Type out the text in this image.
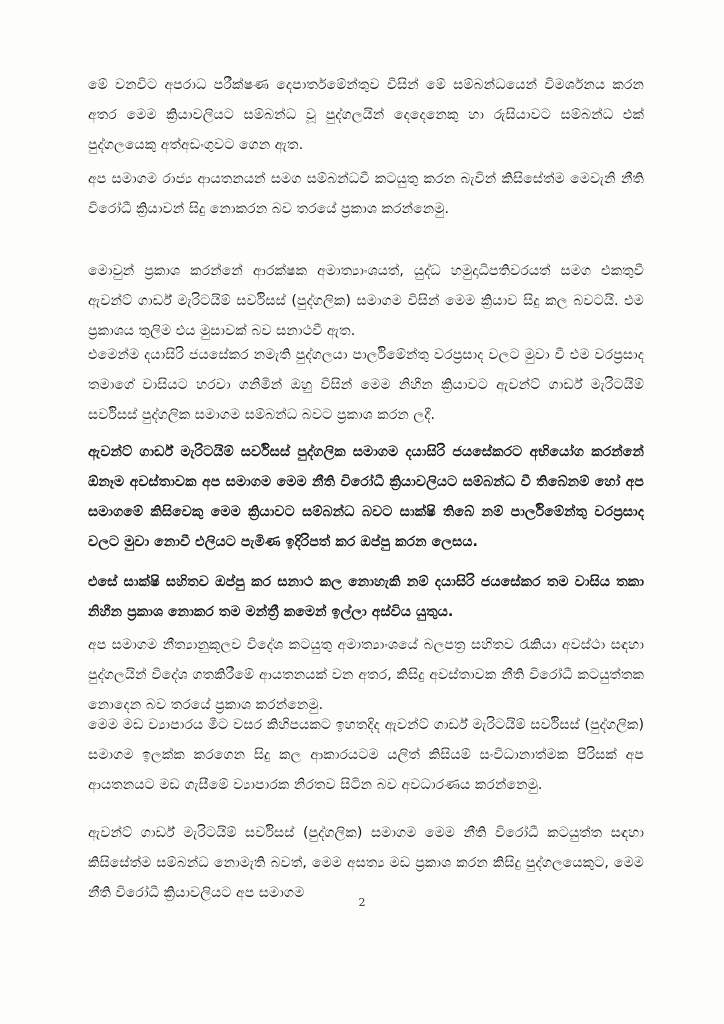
මේ වනවිට අපරාධ පරීක්ෂණ දෙපාර්තමේන්තුව විසින් මේ සම්බන්ධයෙන් විමර්ශනය කරන අතර මෙම ක්‍රියාවලියට සම්බන්ධ වූ පුද්ගලයින් දෙදෙනෙකු හා රුසියාවට සම්බන්ධ එක් පුද්ගලයෙකු අත්අඩංගුවට ගෙන ඇත.

අප සමාගම රාජ්‍ය ආයතනයන් සමග සම්බන්ධවී කටයුතු කරන බැවින් කිසිසේත්ම මෙවැනි නීති විරෝධී ක්‍රියාවන් සිදු නොකරන බව තරයේ ප්‍රකාශ කරන්නෙමු.

මොවුන් ප්‍රකාශ කරන්නේ ආරක්ෂක අමාත්‍යාංශයත්, යුද්ධ හමුදාධිපතිවරයත් සමග එකතුවී ඇවන්ට් ගාර්ඩ් මැරිටයිම් සර්විසස් (පුද්ගලික) සමාගම විසින් මෙම ක්‍රියාව සිදු කල බවටයි. එම ප්‍රකාශය තුලිම එය මුසාවක් බව සනාථවී ඇත.

එමෙන්ම දයාසිරි ජයසේකර නමැති පුද්ගලයා පාර්ලිමේන්තු වරප්‍රසාද වලට මුවා වී එම වරප්‍රසාද තමාගේ වාසියට හරවා ගනිමින් ඔහු විසින් මෙම නිහීන ක්‍රියාවට ඇවන්ට් ගාර්ඩ් මැරිටයිම් සර්විසස් පුද්ගලික සමාගම සම්බන්ධ බවට ප්‍රකාශ කරන ලදී.

ඇවන්ට් ගාර්ඩ් මැරිටයිම් සර්විසස් පුද්ගලික සමාගම දයාසිරි ජයසේකරට අභියෝග කරන්නේ ඕනෑම අවස්තාවක අප සමාගම මෙම නීති විරෝධී ක්‍රියාවලියට සම්බන්ධ වී තිබේනම් හෝ අප සමාගමේ කිසිවෙකු මෙම ක්‍රියාවට සම්බන්ධ බවට සාක්ෂි තිබේ නම් පාර්ලිමේන්තු වරප්‍රසාද වලට මුවා නොවී එලියට පැමිණ ඉදිරිපත් කර ඔප්පු කරන ලෙසය.

එසේ සාක්ෂි සහිතව ඔප්පු කර සනාථ කල නොහැකි නම් දයාසිරි ජයසේකර තම වාසිය තකා නිහීන ප්‍රකාශ නොකර තම මන්ත්‍රී කමෙන් ඉල්ලා අස්විය යුතුය.

අප සමාගම නීත්‍යානුකූලව විදේශ කටයුතු අමාත්‍යාංශයේ බලපත්‍ර සහිතව රැකියා අවස්ථා සඳහා පුද්ගලයින් විදේශ ගතකිරීමේ ආයතනයක් වන අතර, කිසිදු අවස්තාවක නීති විරෝධී කටයුත්තක නොදෙන බව තරයේ ප්‍රකාශ කරන්නෙමු.

මෙම මඩ ව්‍යාපාරය මීට වසර කිහිපයකට ඉහතදිද ඇවන්ට් ගාර්ඩ් මැරිටයිම් සර්විසස් (පුද්ගලික) සමාගම ඉලක්ක කරගෙන සිදු කල ආකාරයටම යලිත් කිසියම් සංවිධානාත්මක පිරිසක් අප ආයතනයට මඩ ගැසීමේ ව්‍යාපාරක නිරතව සිටින බව අවධාරණය කරන්නෙමු.

ඇවන්ට් ගාර්ඩ් මැරිටයිම් සර්විසස් (පුද්ගලික) සමාගම මෙම නීති විරෝධී කටයුත්ත සඳහා කිසිසේත්ම සම්බන්ධ නොමැති බවත්, මෙම අසත්‍ය මඩ ප්‍රකාශ කරන කිසිදු පුද්ගලයෙකුට, මෙම නීති විරෝධී ක්‍රියාවලියට අප සමාගම

2
